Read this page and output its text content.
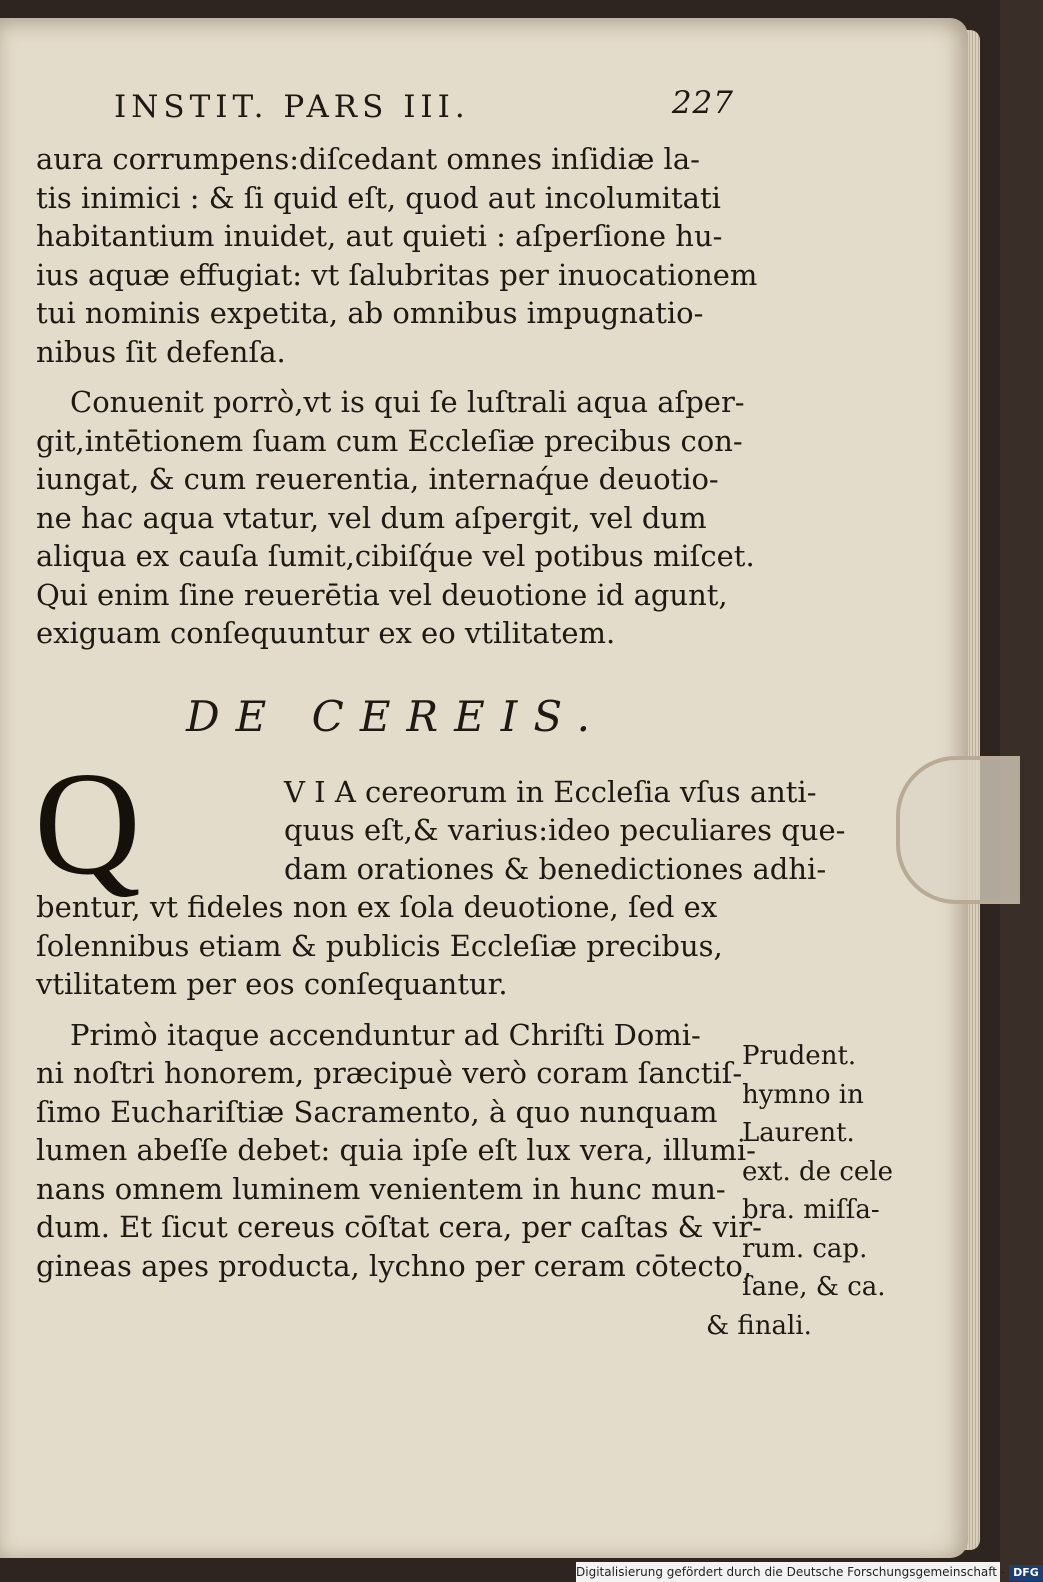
INSTIT. PARS III.	227
aura corrumpens:diſcedant omnes inſidiæ la-
tis inimici : & ſi quid eſt, quod aut incolumitati
habitantium inuidet, aut quieti : aſperſione hu-
ius aquæ effugiat: vt ſalubritas per inuocationem
tui nominis expetita, ab omnibus impugnatio-
nibus ſit defenſa.
Conuenit porrò,vt is qui ſe luſtrali aqua aſper-
git,intētionem ſuam cum Eccleſiæ precibus con-
iungat, & cum reuerentia, internaq́ue deuotio-
ne hac aqua vtatur, vel dum aſpergit, vel dum
aliqua ex cauſa ſumit,cibiſq́ue vel potibus miſcet.
Qui enim ſine reuerētia vel deuotione id agunt,
exiguam conſequuntur ex eo vtilitatem.
DE CEREIS.
Q	V I A cereorum in Eccleſia vſus anti-
quus eſt,& varius:ideo peculiares que-
dam orationes & benedictiones adhi-
bentur, vt fideles non ex ſola deuotione, ſed ex
ſolennibus etiam & publicis Eccleſiæ precibus,
vtilitatem per eos conſequantur.
Primò itaque accenduntur ad Chriſti Domi-
ni noſtri honorem, præcipuè verò coram ſanctiſ-
ſimo Euchariſtiæ Sacramento, à quo nunquam
lumen abeſſe debet: quia ipſe eſt lux vera, illumi-
nans omnem luminem venientem in hunc mun-
dum. Et ſicut cereus cōſtat cera, per caſtas & vir-
gineas apes producta, lychno per ceram cōtecto,
Prudent.
hymno in
Laurent.
ext. de cele
bra. miſſa-
rum. cap.
ſane, & ca.
& finali.
Digitalisierung gefördert durch die Deutsche Forschungsgemeinschaft - DFG
